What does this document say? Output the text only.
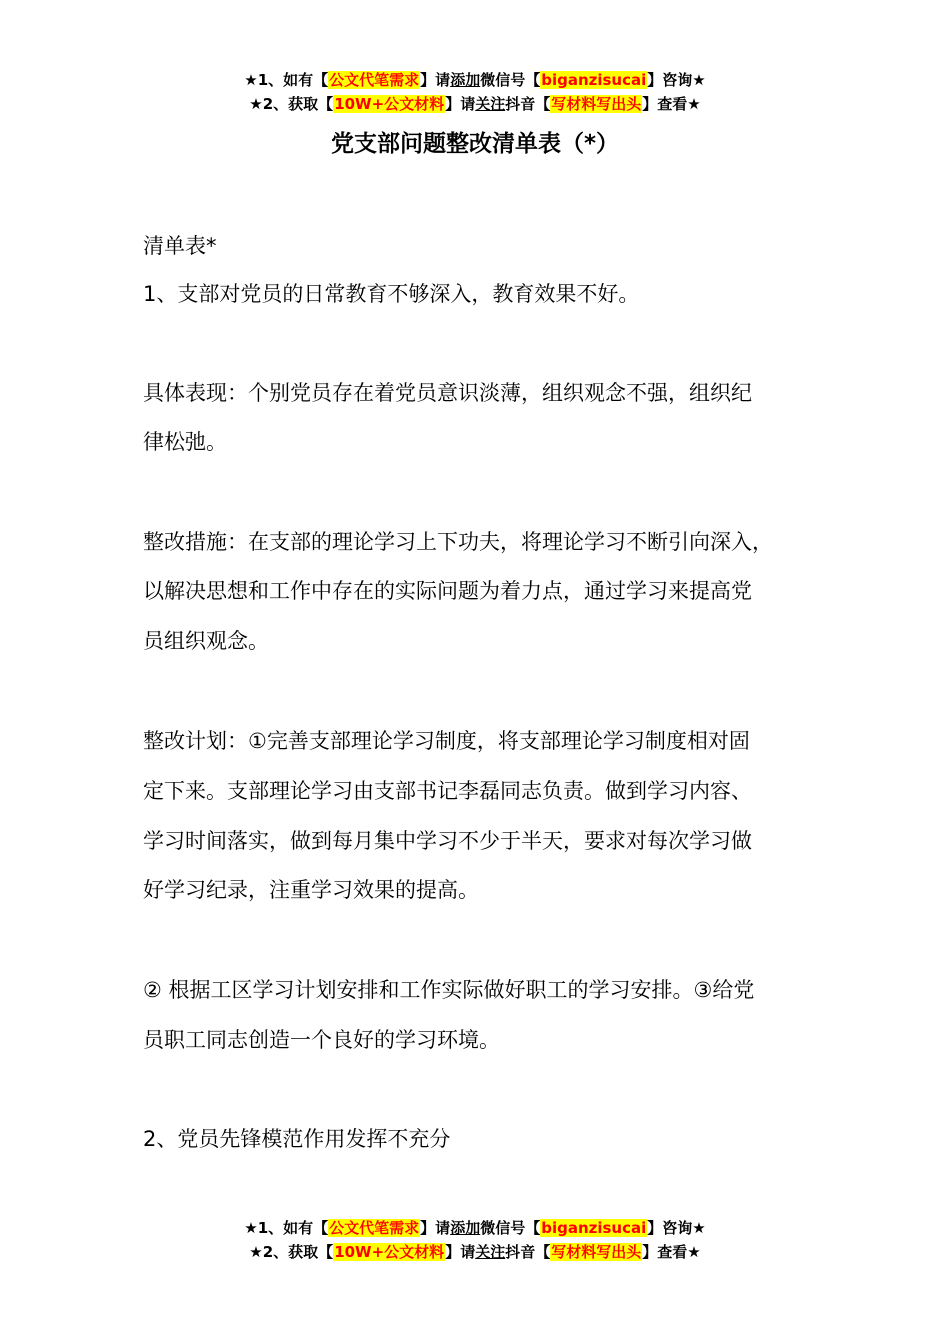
★1、如有【公文代笔需求】请添加微信号【biganzisucai】咨询★
★2、获取【10W+公文材料】请关注抖音【写材料写出头】查看★
党支部问题整改清单表（*）

清单表*

1、支部对党员的日常教育不够深入，教育效果不好。

具体表现：个别党员存在着党员意识淡薄，组织观念不强，组织纪

律松弛。

整改措施：在支部的理论学习上下功夫，将理论学习不断引向深入，

以解决思想和工作中存在的实际问题为着力点，通过学习来提高党

员组织观念。

整改计划：①完善支部理论学习制度，将支部理论学习制度相对固

定下来。支部理论学习由支部书记李磊同志负责。做到学习内容、

学习时间落实，做到每月集中学习不少于半天，要求对每次学习做

好学习纪录，注重学习效果的提高。

② 根据工区学习计划安排和工作实际做好职工的学习安排。③给党

员职工同志创造一个良好的学习环境。

2、党员先锋模范作用发挥不充分

★1、如有【公文代笔需求】请添加微信号【biganzisucai】咨询★
★2、获取【10W+公文材料】请关注抖音【写材料写出头】查看★
